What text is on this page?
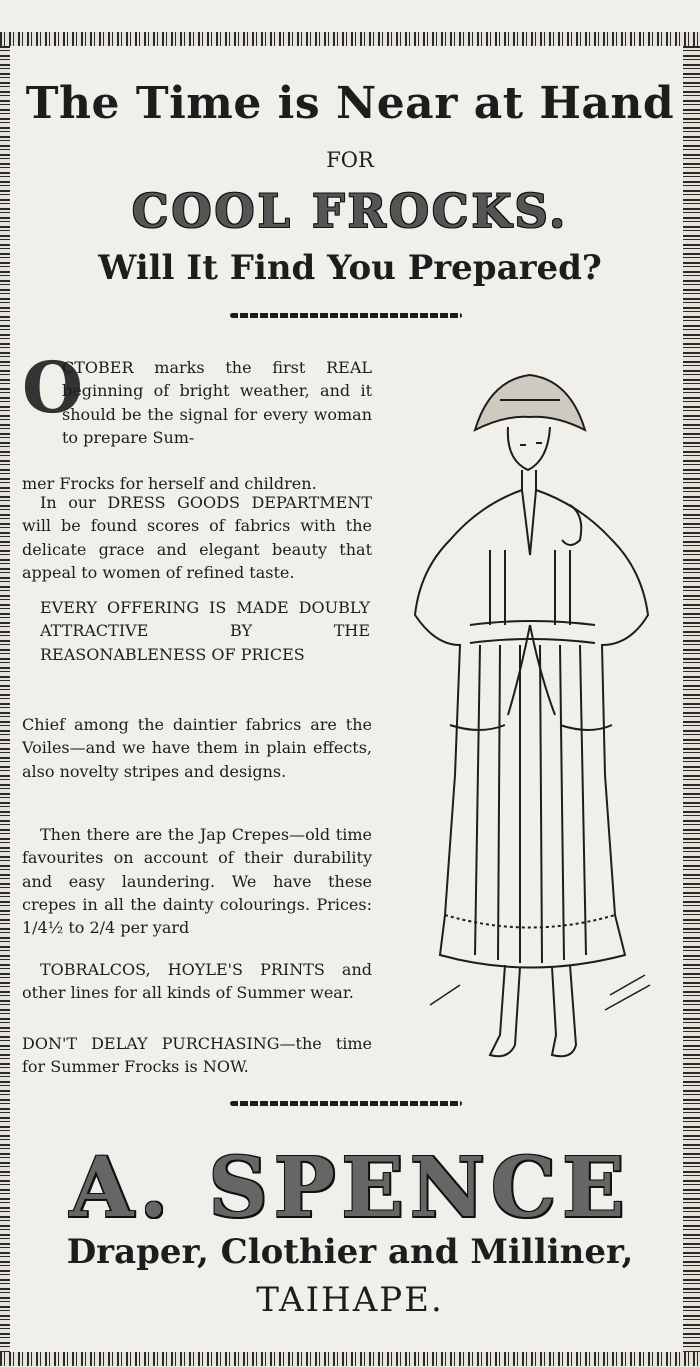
The Time is Near at Hand
FOR
COOL FROCKS.
Will It Find You Prepared?
O
CTOBER marks the first REAL beginning of bright weather, and it should be the signal for every woman to prepare Sum-
mer Frocks for herself and children.
In our DRESS GOODS DEPARTMENT will be found scores of fabrics with the delicate grace and elegant beauty that appeal to women of refined taste.
EVERY OFFERING IS MADE DOUBLY ATTRACTIVE BY THE REASONABLENESS OF PRICES
Chief among the daintier fabrics are the Voiles—and we have them in plain effects, also novelty stripes and designs.
Then there are the Jap Crepes—old time favourites on account of their durability and easy laundering. We have these crepes in all the dainty colourings. Prices: 1/4½ to 2/4 per yard
TOBRALCOS, HOYLE'S PRINTS and other lines for all kinds of Summer wear.
DON'T DELAY PURCHASING—the time for Summer Frocks is NOW.
A. SPENCE
Draper, Clothier and Milliner,
TAIHAPE.
